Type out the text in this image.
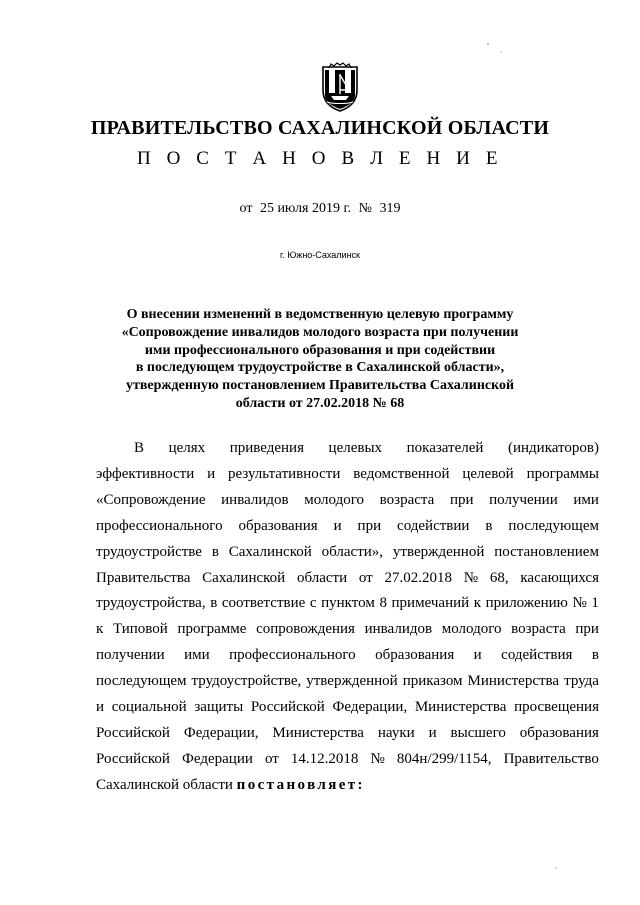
ПРАВИТЕЛЬСТВО САХАЛИНСКОЙ ОБЛАСТИ
П О С Т А Н О В Л Е Н И Е
от 25 июля 2019 г. № 319
г. Южно-Сахалинск
О внесении изменений в ведомственную целевую программу
«Сопровождение инвалидов молодого возраста при получении
ими профессионального образования и при содействии
в последующем трудоустройстве в Сахалинской области»,
утвержденную постановлением Правительства Сахалинской
области от 27.02.2018 № 68
В целях приведения целевых показателей (индикаторов)
эффективности и результативности ведомственной целевой программы
«Сопровождение инвалидов молодого возраста при получении ими
профессионального образования и при содействии в последующем
трудоустройстве в Сахалинской области», утвержденной постановлением
Правительства Сахалинской области от 27.02.2018 № 68, касающихся
трудоустройства, в соответствие с пунктом 8 примечаний к приложению № 1
к Типовой программе сопровождения инвалидов молодого возраста при
получении ими профессионального образования и содействия в
последующем трудоустройстве, утвержденной приказом Министерства труда
и социальной защиты Российской Федерации, Министерства просвещения
Российской Федерации, Министерства науки и высшего образования
Российской Федерации от 14.12.2018 № 804н/299/1154, Правительство
Сахалинской области
постановляет:
